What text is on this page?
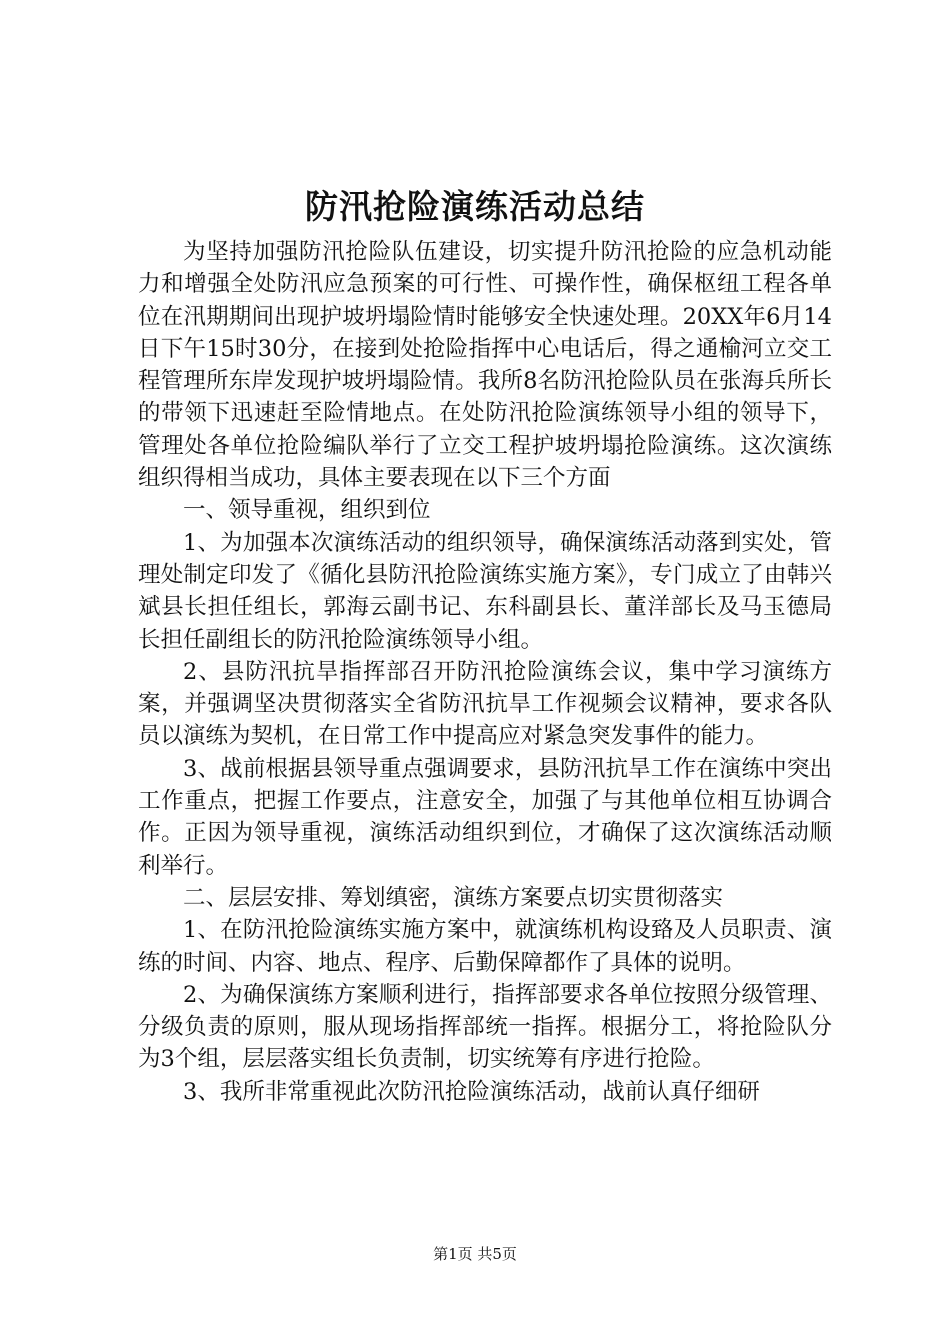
防汛抢险演练活动总结

为坚持加强防汛抢险队伍建设，切实提升防汛抢险的应急机动能力和增强全处防汛应急预案的可行性、可操作性，确保枢纽工程各单位在汛期期间出现护坡坍塌险情时能够安全快速处理。20XX年6月14日下午15时30分，在接到处抢险指挥中心电话后，得之通榆河立交工程管理所东岸发现护坡坍塌险情。我所8名防汛抢险队员在张海兵所长的带领下迅速赶至险情地点。在处防汛抢险演练领导小组的领导下，管理处各单位抢险编队举行了立交工程护坡坍塌抢险演练。这次演练组织得相当成功，具体主要表现在以下三个方面

一、领导重视，组织到位

1、为加强本次演练活动的组织领导，确保演练活动落到实处，管理处制定印发了《循化县防汛抢险演练实施方案》，专门成立了由韩兴斌县长担任组长，郭海云副书记、东科副县长、董洋部长及马玉德局长担任副组长的防汛抢险演练领导小组。

2、县防汛抗旱指挥部召开防汛抢险演练会议，集中学习演练方案，并强调坚决贯彻落实全省防汛抗旱工作视频会议精神，要求各队员以演练为契机，在日常工作中提高应对紧急突发事件的能力。

3、战前根据县领导重点强调要求，县防汛抗旱工作在演练中突出工作重点，把握工作要点，注意安全，加强了与其他单位相互协调合作。正因为领导重视，演练活动组织到位，才确保了这次演练活动顺利举行。

二、层层安排、筹划缜密，演练方案要点切实贯彻落实

1、在防汛抢险演练实施方案中，就演练机构设臵及人员职责、演练的时间、内容、地点、程序、后勤保障都作了具体的说明。

2、为确保演练方案顺利进行，指挥部要求各单位按照分级管理、分级负责的原则，服从现场指挥部统一指挥。根据分工，将抢险队分为3个组，层层落实组长负责制，切实统筹有序进行抢险。

3、我所非常重视此次防汛抢险演练活动，战前认真仔细研

第1页 共5页
